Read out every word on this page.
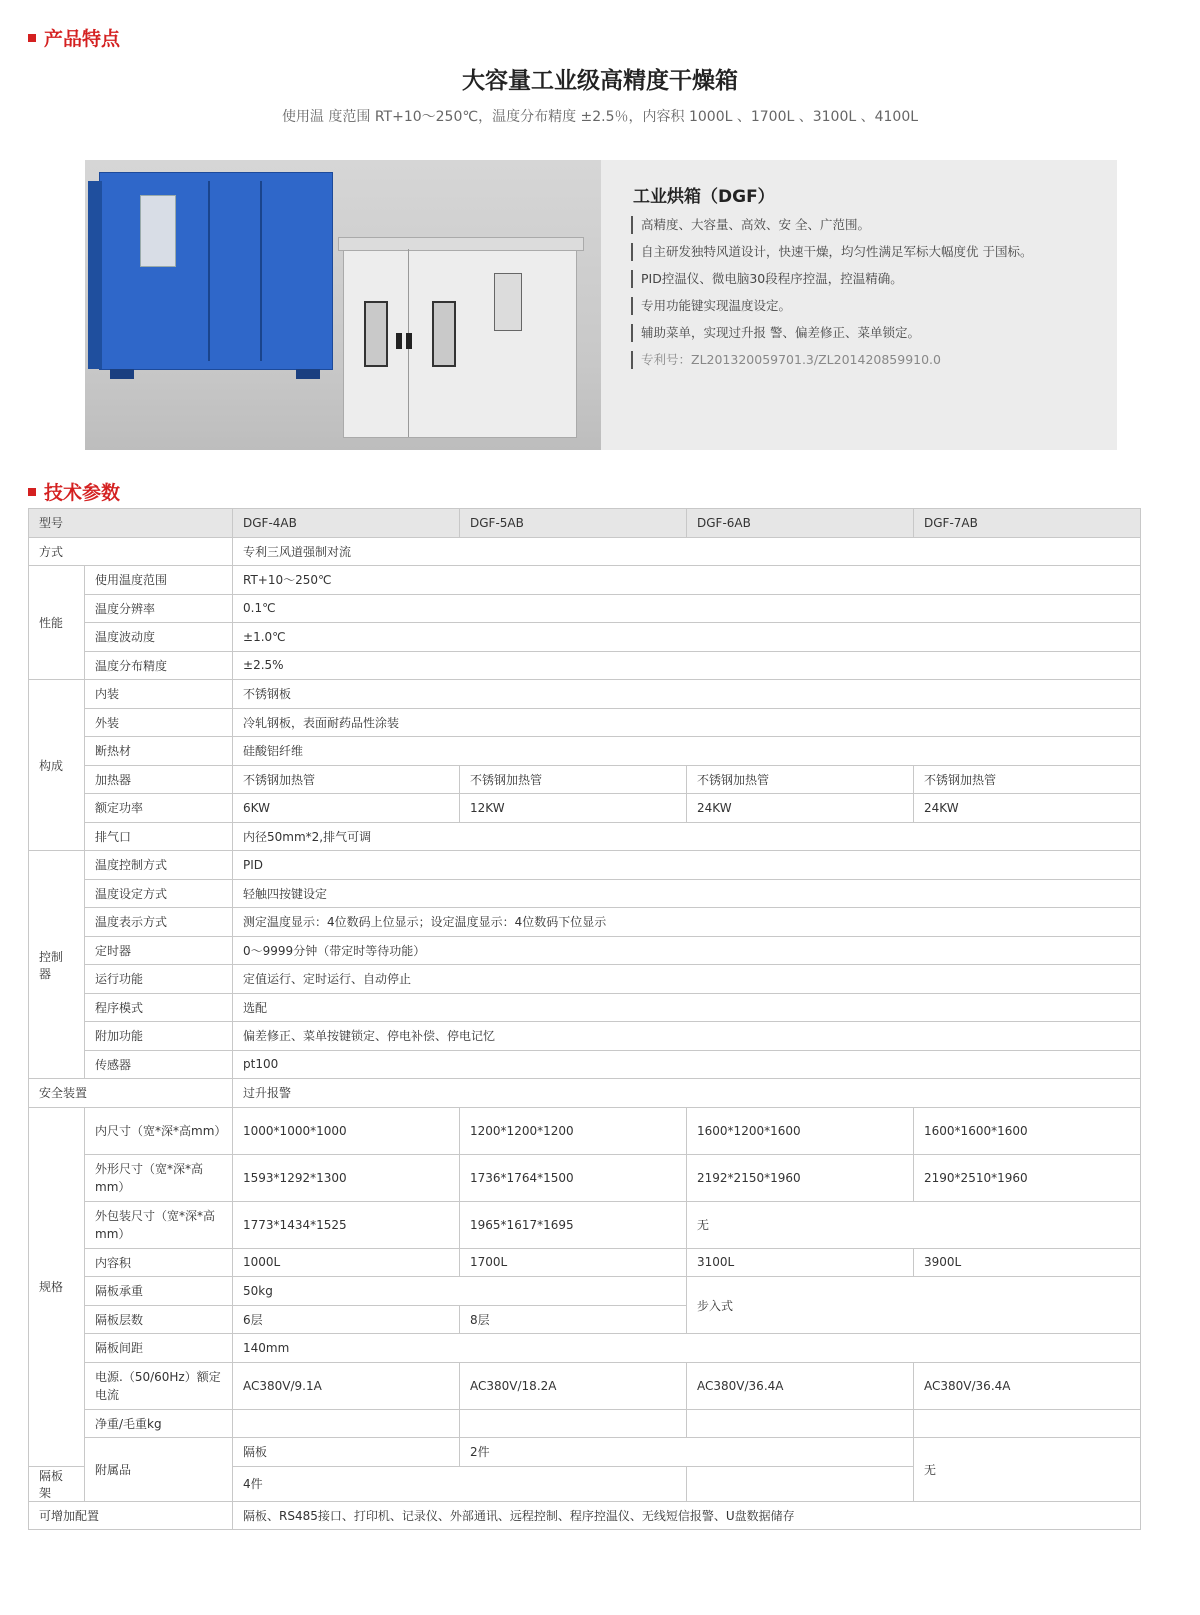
产品特点
大容量工业级高精度干燥箱
使用温 度范围 RT+10～250℃，温度分布精度 ±2.5％，内容积 1000L 、1700L 、3100L 、4100L
工业烘箱（DGF）
高精度、大容量、高效、安 全、广范围。
自主研发独特风道设计，快速干燥，均匀性满足军标大幅度优 于国标。
PID控温仪、微电脑30段程序控温，控温精确。
专用功能键实现温度设定。
辅助菜单，实现过升报 警、偏差修正、菜单锁定。
专利号：ZL201320059701.3/ZL201420859910.0
技术参数
型号		DGF-4AB	DGF-5AB	DGF-6AB	DGF-7AB
方式		专利三风道强制对流			
性能	使用温度范围	RT+10～250℃			
	温度分辨率	0.1℃			
	温度波动度	±1.0℃			
	温度分布精度	±2.5%			
构成	内装	不锈钢板			
	外装	冷轧钢板，表面耐药品性涂装			
	断热材	硅酸铝纤维			
	加热器	不锈钢加热管	不锈钢加热管	不锈钢加热管	不锈钢加热管
	额定功率	6KW	12KW	24KW	24KW
	排气口	内径50mm*2,排气可调			
控制器	温度控制方式	PID			
	温度设定方式	轻触四按键设定			
	温度表示方式	测定温度显示：4位数码上位显示；设定温度显示：4位数码下位显示			
	定时器	0～9999分钟（带定时等待功能）			
	运行功能	定值运行、定时运行、自动停止			
	程序模式	选配			
	附加功能	偏差修正、菜单按键锁定、停电补偿、停电记忆			
	传感器	pt100			
安全装置		过升报警			
规格	内尺寸（宽*深*高mm）	1000*1000*1000	1200*1200*1200	1600*1200*1600	1600*1600*1600
	外形尺寸（宽*深*高mm）	1593*1292*1300	1736*1764*1500	2192*2150*1960	2190*2510*1960
	外包装尺寸（宽*深*高mm）	1773*1434*1525	1965*1617*1695	无	
	内容积	1000L	1700L	3100L	3900L
	隔板承重	50kg		步入式	
	隔板层数	6层	8层		
	隔板间距	140mm			
	电源.（50/60Hz）额定电流	AC380V/9.1A	AC380V/18.2A	AC380V/36.4A	AC380V/36.4A
	净重/毛重kg				
	附属品	隔板	2件		无
隔板架		4件			
可增加配置		隔板、RS485接口、打印机、记录仪、外部通讯、远程控制、程序控温仪、无线短信报警、U盘数据储存			
